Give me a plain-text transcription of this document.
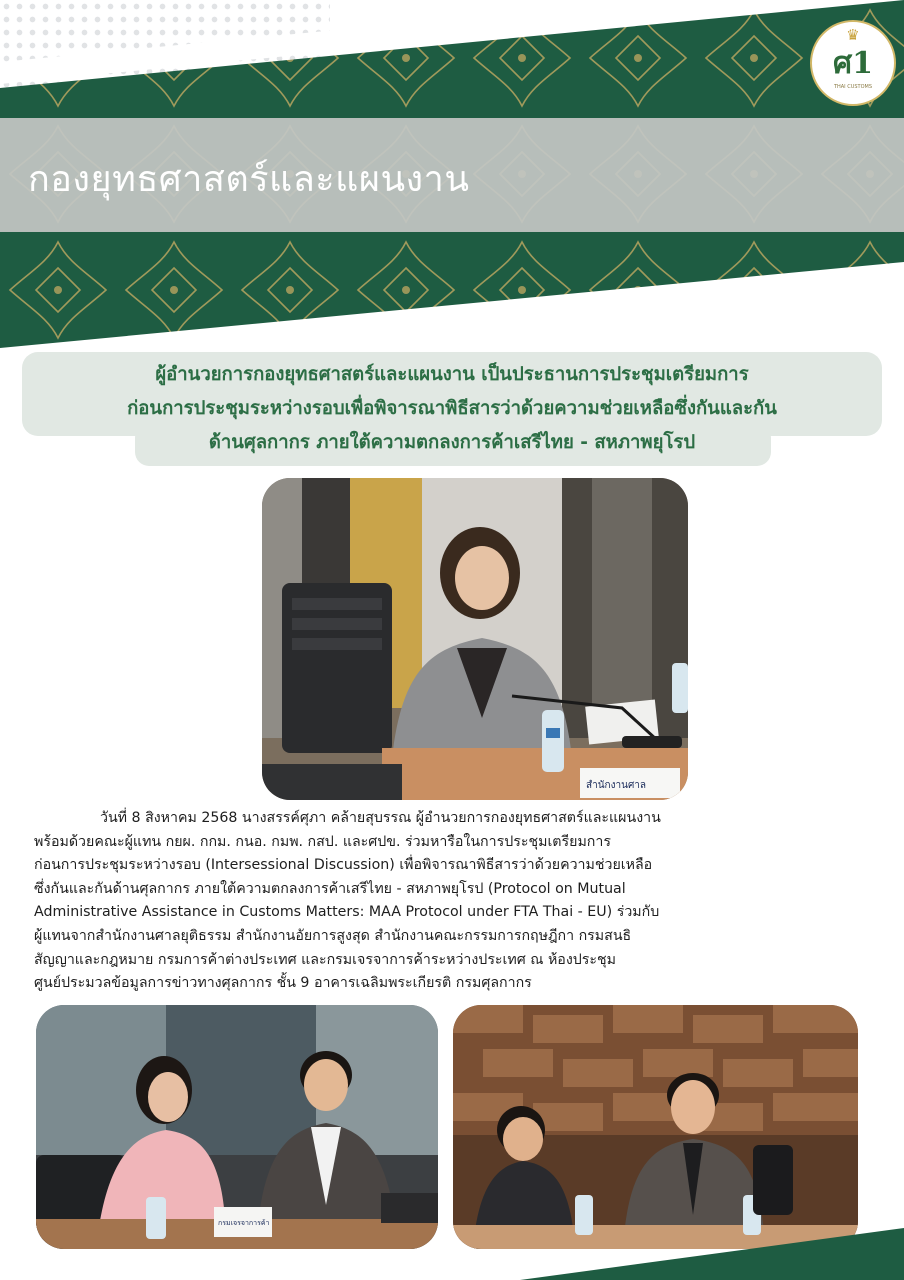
กองยุทธศาสตร์และแผนงาน
♛
ศ1
THAI CUSTOMS
ผู้อำนวยการกองยุทธศาสตร์และแผนงาน เป็นประธานการประชุมเตรียมการ
ก่อนการประชุมระหว่างรอบเพื่อพิจารณาพิธีสารว่าด้วยความช่วยเหลือซึ่งกันและกัน
ด้านศุลกากร ภายใต้ความตกลงการค้าเสรีไทย - สหภาพยุโรป
สำนักงานศาล
วันที่ 8 สิงหาคม 2568 นางสรรค์ศุภา คล้ายสุบรรณ ผู้อำนวยการกองยุทธศาสตร์และแผนงาน
พร้อมด้วยคณะผู้แทน กยผ. กกม. กนอ. กมพ. กสป. และศปข. ร่วมหารือในการประชุมเตรียมการ
ก่อนการประชุมระหว่างรอบ (Intersessional Discussion) เพื่อพิจารณาพิธีสารว่าด้วยความช่วยเหลือ
ซึ่งกันและกันด้านศุลกากร ภายใต้ความตกลงการค้าเสรีไทย - สหภาพยุโรป (Protocol on Mutual
Administrative Assistance in Customs Matters: MAA Protocol under FTA Thai - EU) ร่วมกับ
ผู้แทนจากสำนักงานศาลยุติธรรม สำนักงานอัยการสูงสุด สำนักงานคณะกรรมการกฤษฎีกา กรมสนธิ
สัญญาและกฎหมาย กรมการค้าต่างประเทศ และกรมเจรจาการค้าระหว่างประเทศ ณ ห้องประชุม
ศูนย์ประมวลข้อมูลการข่าวทางศุลกากร ชั้น 9 อาคารเฉลิมพระเกียรติ กรมศุลกากร
กรมเจรจาการค้า
